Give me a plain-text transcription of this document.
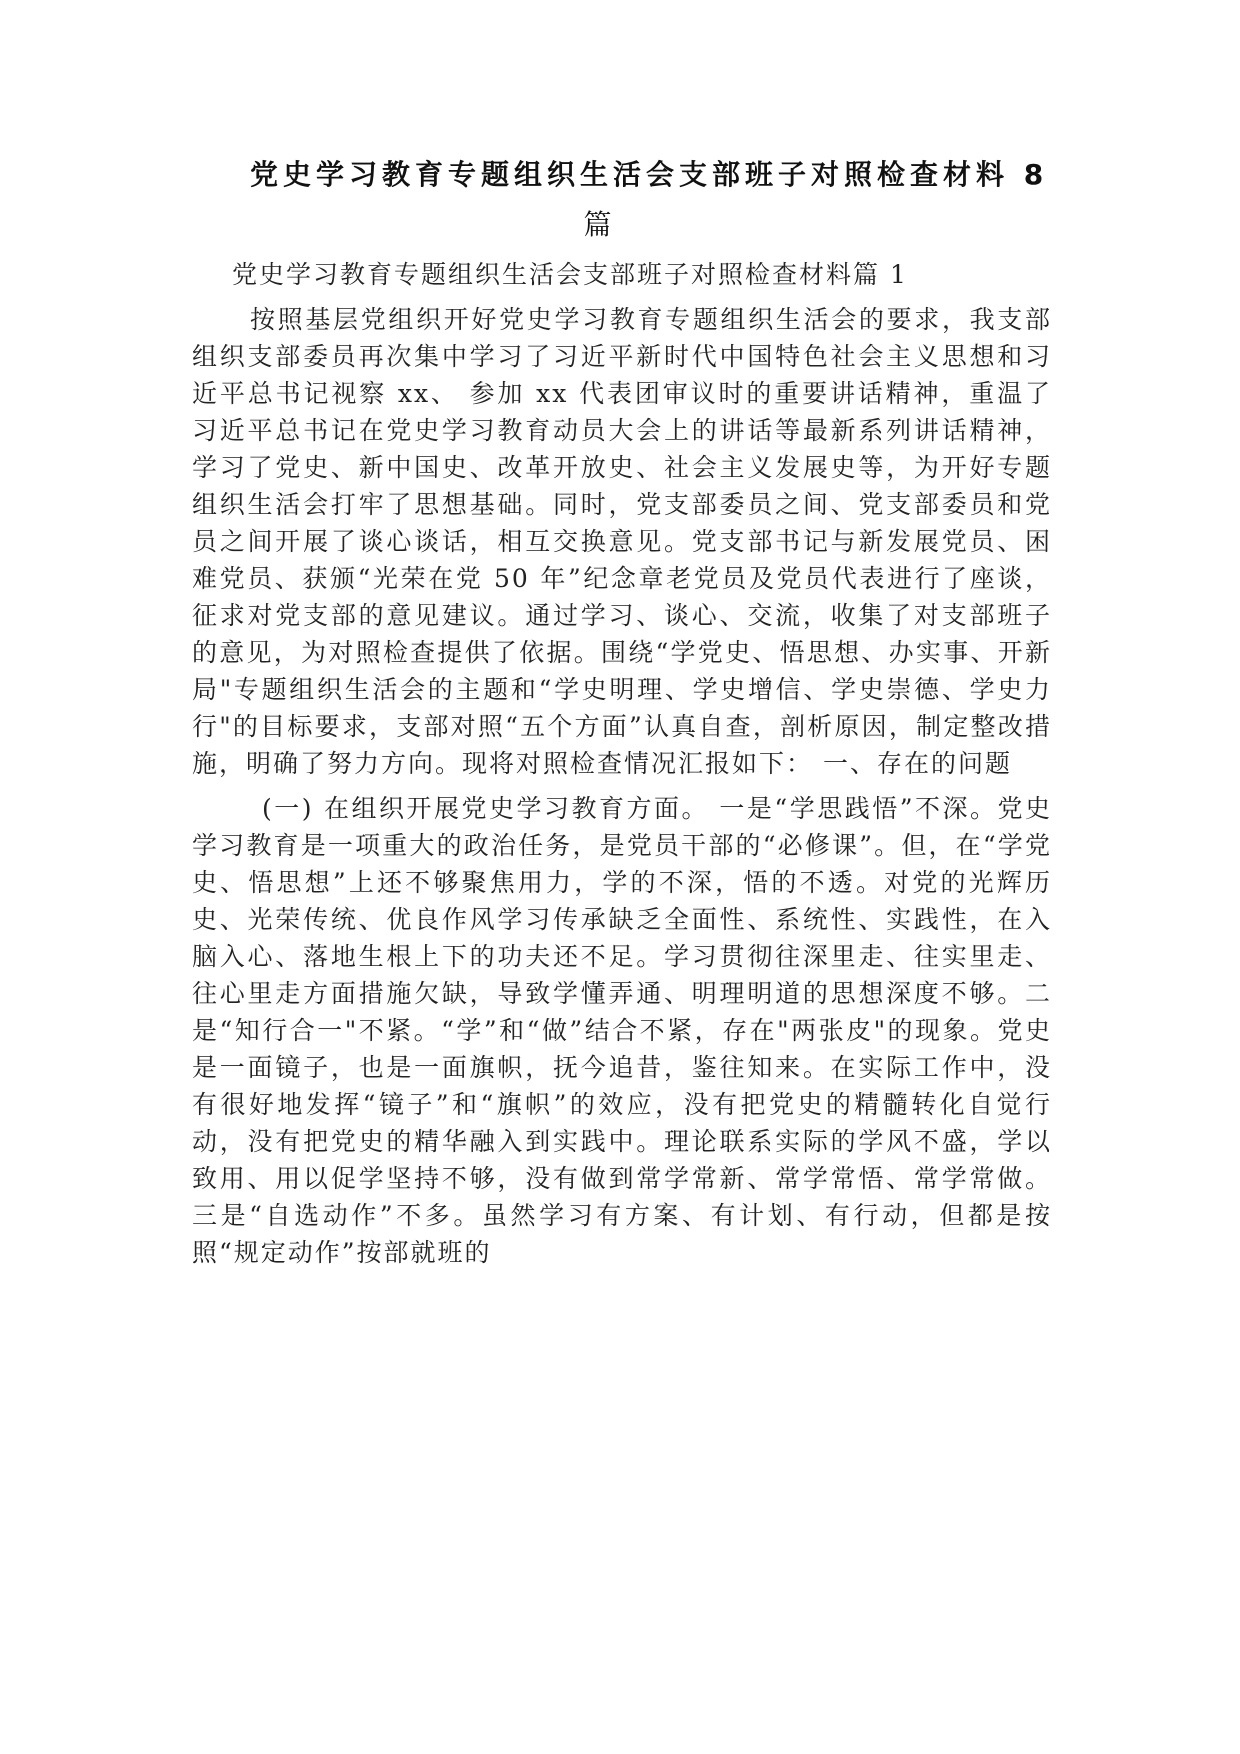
党史学习教育专题组织生活会支部班子对照检查材料 8
篇

党史学习教育专题组织生活会支部班子对照检查材料篇 1

按照基层党组织开好党史学习教育专题组织生活会的要求，我支部组织支部委员再次集中学习了习近平新时代中国特色社会主义思想和习近平总书记视察 xx、 参加 xx 代表团审议时的重要讲话精神，重温了习近平总书记在党史学习教育动员大会上的讲话等最新系列讲话精神，学习了党史、新中国史、改革开放史、社会主义发展史等，为开好专题组织生活会打牢了思想基础。同时，党支部委员之间、党支部委员和党员之间开展了谈心谈话，相互交换意见。党支部书记与新发展党员、困难党员、获颁“光荣在党 50 年”纪念章老党员及党员代表进行了座谈，征求对党支部的意见建议。通过学习、谈心、交流，收集了对支部班子的意见，为对照检查提供了依据。围绕“学党史、悟思想、办实事、开新局"专题组织生活会的主题和“学史明理、学史增信、学史崇德、学史力行"的目标要求，支部对照“五个方面”认真自查，剖析原因，制定整改措施，明确了努力方向。现将对照检查情况汇报如下： 一、存在的问题

(一) 在组织开展党史学习教育方面。 一是“学思践悟”不深。党史学习教育是一项重大的政治任务，是党员干部的“必修课”。但，在“学党史、悟思想”上还不够聚焦用力，学的不深，悟的不透。对党的光辉历史、光荣传统、优良作风学习传承缺乏全面性、系统性、实践性，在入脑入心、落地生根上下的功夫还不足。学习贯彻往深里走、往实里走、往心里走方面措施欠缺，导致学懂弄通、明理明道的思想深度不够。二是“知行合一"不紧。“学”和“做”结合不紧，存在"两张皮"的现象。党史是一面镜子，也是一面旗帜，抚今追昔，鉴往知来。在实际工作中，没有很好地发挥“镜子”和“旗帜”的效应，没有把党史的精髓转化自觉行动，没有把党史的精华融入到实践中。理论联系实际的学风不盛，学以致用、用以促学坚持不够，没有做到常学常新、常学常悟、常学常做。三是“自选动作”不多。虽然学习有方案、有计划、有行动，但都是按照“规定动作”按部就班的
